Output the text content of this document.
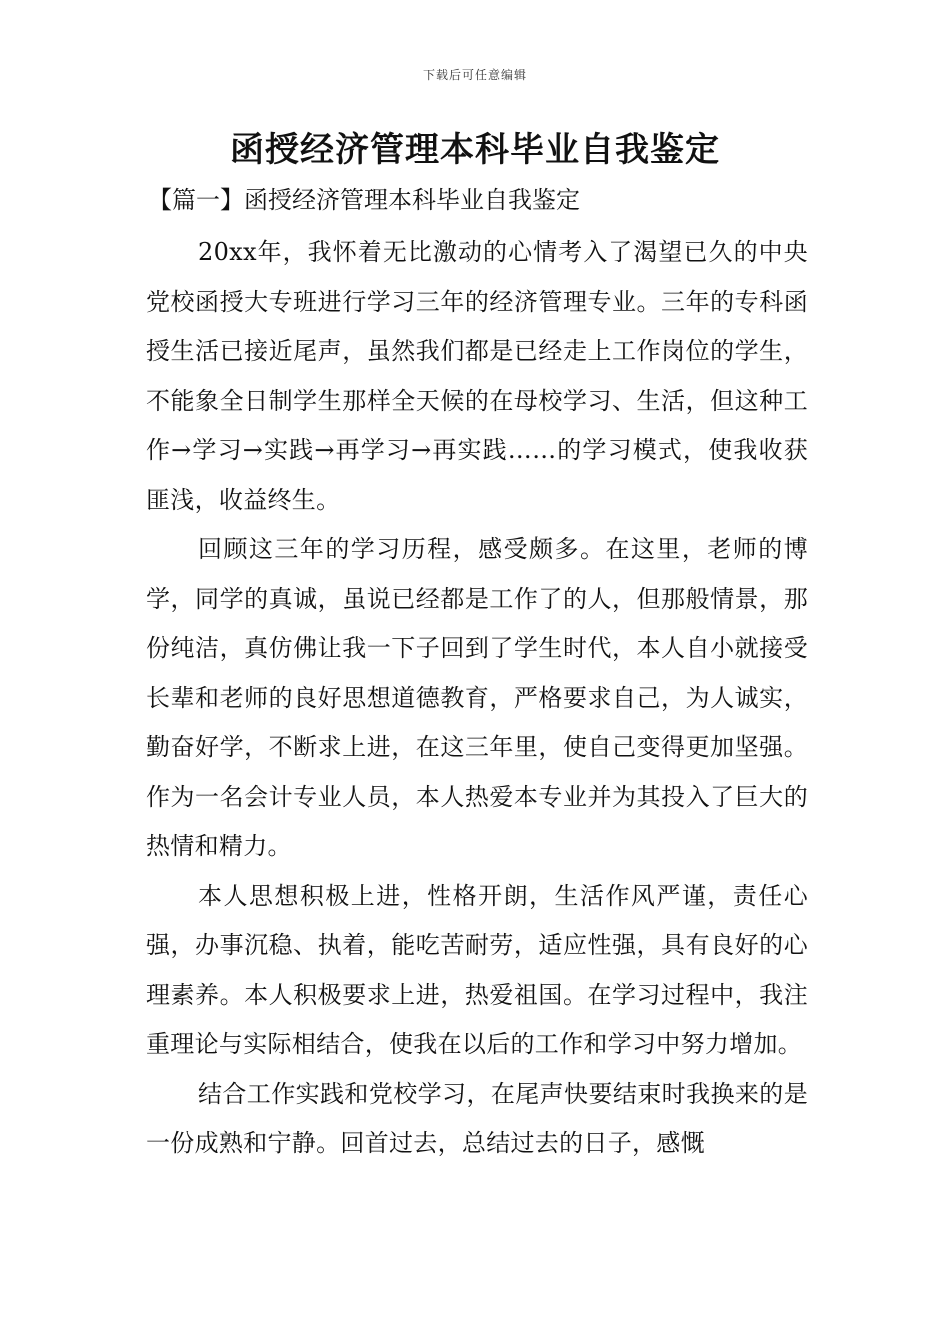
下载后可任意编辑
函授经济管理本科毕业自我鉴定
【篇一】函授经济管理本科毕业自我鉴定

20xx年，我怀着无比激动的心情考入了渴望已久的中央党校函授大专班进行学习三年的经济管理专业。三年的专科函授生活已接近尾声，虽然我们都是已经走上工作岗位的学生，不能象全日制学生那样全天候的在母校学习、生活，但这种工作→学习→实践→再学习→再实践……的学习模式，使我收获匪浅，收益终生。

回顾这三年的学习历程，感受颇多。在这里，老师的博学，同学的真诚，虽说已经都是工作了的人，但那般情景，那份纯洁，真仿佛让我一下子回到了学生时代，本人自小就接受长辈和老师的良好思想道德教育，严格要求自己，为人诚实，勤奋好学，不断求上进，在这三年里，使自己变得更加坚强。作为一名会计专业人员，本人热爱本专业并为其投入了巨大的热情和精力。

本人思想积极上进，性格开朗，生活作风严谨，责任心强，办事沉稳、执着，能吃苦耐劳，适应性强，具有良好的心理素养。本人积极要求上进，热爱祖国。在学习过程中，我注重理论与实际相结合，使我在以后的工作和学习中努力增加。

结合工作实践和党校学习，在尾声快要结束时我换来的是一份成熟和宁静。回首过去，总结过去的日子，感慨
